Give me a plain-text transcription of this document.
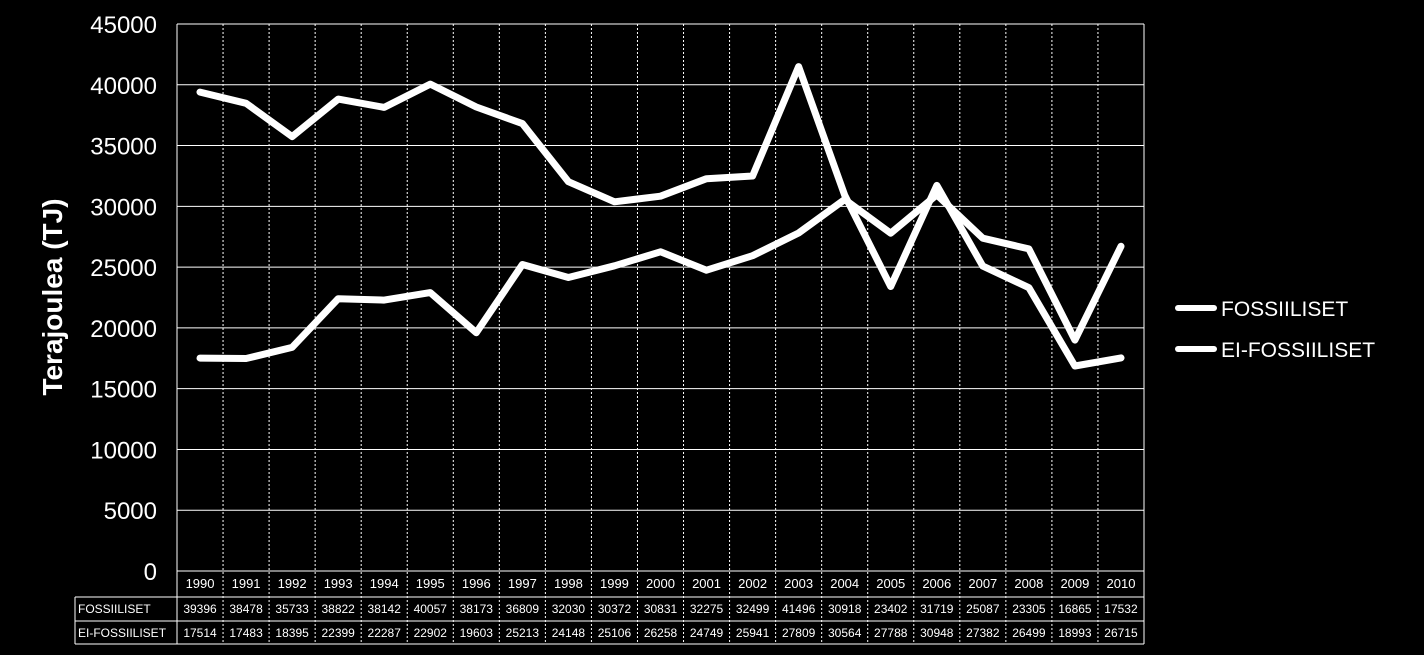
0
5000
10000
15000
20000
25000
30000
35000
40000
45000
Terajoulea (TJ)
1990 1991 1992 1993 1994 1995 1996 1997 1998 1999 2000 2001 2002 2003 2004 2005 2006 2007 2008 2009 2010
FOSSIILISET	39396 38478 35733 38822 38142 40057 38173 36809 32030 30372 30831 32275 32499 41496 30918 23402 31719 25087 23305 16865 17532
EI-FOSSIILISET 17514 17483 18395 22399 22287 22902 19603 25213 24148 25106 26258 24749 25941 27809 30564 27788 30948 27382 26499 18993 26715
FOSSIILISET
EI-FOSSIILISET
